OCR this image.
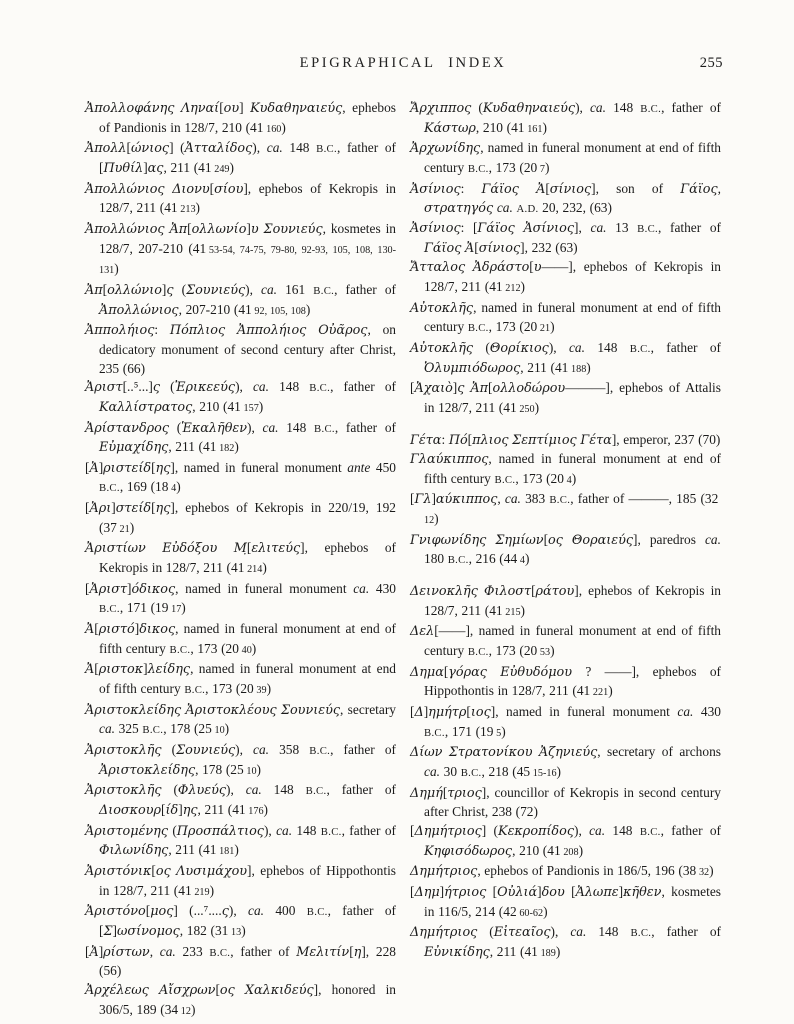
EPIGRAPHICAL INDEX	255
Ἀπολλοφάνης Ληναί[ου] Κυδαθηναιεύς, ephebos of Pandionis in 128/7, 210 (41 160)
Ἀπολλ[ώνιος] (Ἀτταλίδος), ca. 148 B.C., father of [Πυθίλ]ας, 211 (41 249)
Ἀπολλώνιος Διονυ[σίου], ephebos of Kekropis in 128/7, 211 (41 213)
Ἀπολλώνιος Ἀπ[ολλωνίο]υ Σουνιεύς, kosmetes in 128/7, 207-210 (41 53-54, 74-75, 79-80, 92-93, 105, 108, 130-131)
Ἀπ[ολλώνιο]ς (Σουνιεύς), ca. 161 B.C., father of Ἀπολλώνιος, 207-210 (41 92, 105, 108)
Ἀππολήιος: Πόπλιος Ἀππολήιος Οὐᾶρος, on dedicatory monument of second century after Christ, 235 (66)
Ἀριστ[..⁵...]ς (Ἐρικεεύς), ca. 148 B.C., father of Καλλίστρατος, 210 (41 157)
Ἀρίστανδρος (Ἑκαλῆθεν), ca. 148 B.C., father of Εὐμαχίδης, 211 (41 182)
[Ἀ]ριστείδ[ης], named in funeral monument ante 450 B.C., 169 (18 4)
[Ἀρι]στείδ[ης], ephebos of Kekropis in 220/19, 192 (37 21)
Ἀριστίων Εὐδόξου Μ̣[ελιτεύς], ephebos of Kekropis in 128/7, 211 (41 214)
[Ἀριστ]όδικος, named in funeral monument ca. 430 B.C., 171 (19 17)
Ἀ[ριστό]δικος, named in funeral monument at end of fifth century B.C., 173 (20 40)
Ἀ[ριστοκ]λείδης, named in funeral monument at end of fifth century B.C., 173 (20 39)
Ἀριστοκλείδης Ἀριστοκλέους Σουνιεύς, secretary ca. 325 B.C., 178 (25 10)
Ἀριστοκλῆς (Σουνιεύς), ca. 358 B.C., father of Ἀριστοκλείδης, 178 (25 10)
Ἀριστοκλῆς (Φλυεύς), ca. 148 B.C., father of Διοσκουρ[ίδ]ης, 211 (41 176)
Ἀριστομένης (Προσπάλτιος), ca. 148 B.C., father of Φιλωνίδης, 211 (41 181)
Ἀριστόνικ[ος Λυσιμάχου], ephebos of Hippothontis in 128/7, 211 (41 219)
Ἀριστόνο[μος] (...⁷....ς), ca. 400 B.C., father of [Σ]ωσίνομος, 182 (31 13)
[Ἀ]ρίστων, ca. 233 B.C., father of Μελιτίν[η], 228 (56)
Ἀρχέλεως Αἴσχρων[ος Χαλκιδεύς], honored in 306/5, 189 (34 12)
Ἄρχιππος (Κυδαθηναιεύς), ca. 148 B.C., father of Κάστωρ, 210 (41 161)
Ἀρχωνίδης, named in funeral monument at end of fifth century B.C., 173 (20 7)
Ἀσίνιος: Γάϊος Ἀ[σίνιος], son of Γάϊος, στρατηγός ca. A.D. 20, 232, (63)
Ἀσίνιος: [Γάϊος Ἀσίνιος], ca. 13 B.C., father of Γάϊος Ἀ[σίνιος], 232 (63)
Ἄτταλος Ἀδράστο[υ——], ephebos of Kekropis in 128/7, 211 (41 212)
Αὐτοκλῆς, named in funeral monument at end of fifth century B.C., 173 (20 21)
Αὐτοκλῆς (Θορίκιος), ca. 148 B.C., father of Ὀλυμπιόδωρος, 211 (41 188)
[Ἀχαιὸ]ς Ἀπ[ολλοδώρου———], ephebos of Attalis in 128/7, 211 (41 250)
Γέτα: Πό[πλιος Σεπτίμιος Γέτα], emperor, 237 (70)
Γλαύκιππος, named in funeral monument at end of fifth century B.C., 173 (20 4)
[Γλ]αύκιππος, ca. 383 B.C., father of ———, 185 (32 12)
Γνιφωνίδης Σημίων[ος Θοραιεύς], paredros ca. 180 B.C., 216 (44 4)
Δεινοκλῆς Φιλοστ[ράτου], ephebos of Kekropis in 128/7, 211 (41 215)
Δελ[——], named in funeral monument at end of fifth century B.C., 173 (20 53)
Δημα[γόρας Εὐθυδόμου ? ——], ephebos of Hippothontis in 128/7, 211 (41 221)
[Δ]ημήτρ[ιος], named in funeral monument ca. 430 B.C., 171 (19 5)
Δίων Στρατονίκου Ἀζηνιεύς, secretary of archons ca. 30 B.C., 218 (45 15-16)
Δημή[τριος], councillor of Kekropis in second century after Christ, 238 (72)
[Δημήτριος] (Κεκροπίδος), ca. 148 B.C., father of Κηφισόδωρος, 210 (41 208)
Δημήτριος, ephebos of Pandionis in 186/5, 196 (38 32)
[Δημ]ήτριος [Οὐλιά]δου [Ἀλωπε]κῆθεν, kosmetes in 116/5, 214 (42 60-62)
Δημήτριος (Εἰτεαῖος), ca. 148 B.C., father of Εὐνικίδης, 211 (41 189)
